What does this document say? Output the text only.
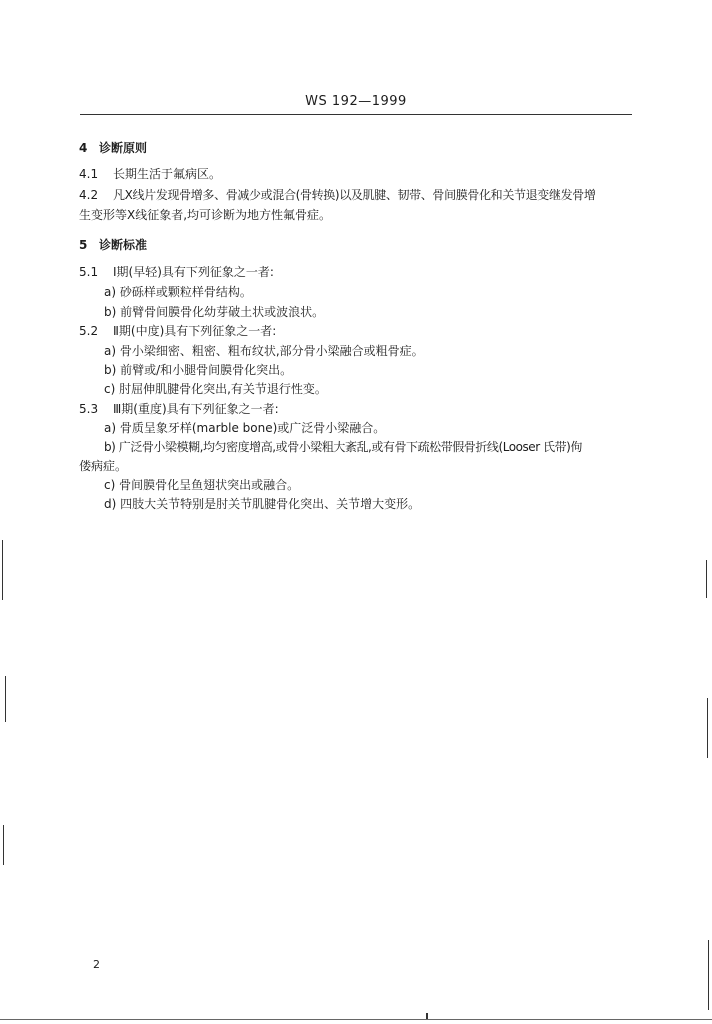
WS 192—1999
4 诊断原则
4.1 长期生活于氟病区。
4.2 凡X线片发现骨增多、骨减少或混合(骨转换)以及肌腱、韧带、骨间膜骨化和关节退变继发骨增
生变形等X线征象者,均可诊断为地方性氟骨症。
5 诊断标准
5.1 Ⅰ期(早轻)具有下列征象之一者:
a) 砂砾样或颗粒样骨结构。
b) 前臂骨间膜骨化幼芽破土状或波浪状。
5.2 Ⅱ期(中度)具有下列征象之一者:
a) 骨小梁细密、粗密、粗布纹状,部分骨小梁融合或粗骨症。
b) 前臂或/和小腿骨间膜骨化突出。
c) 肘屈伸肌腱骨化突出,有关节退行性变。
5.3 Ⅲ期(重度)具有下列征象之一者:
a) 骨质呈象牙样(marble bone)或广泛骨小梁融合。
b) 广泛骨小梁模糊,均匀密度增高,或骨小梁粗大紊乱,或有骨下疏松带假骨折线(Looser 氏带)佝
偻病症。
c) 骨间膜骨化呈鱼翅状突出或融合。
d) 四肢大关节特别是肘关节肌腱骨化突出、关节增大变形。
2
